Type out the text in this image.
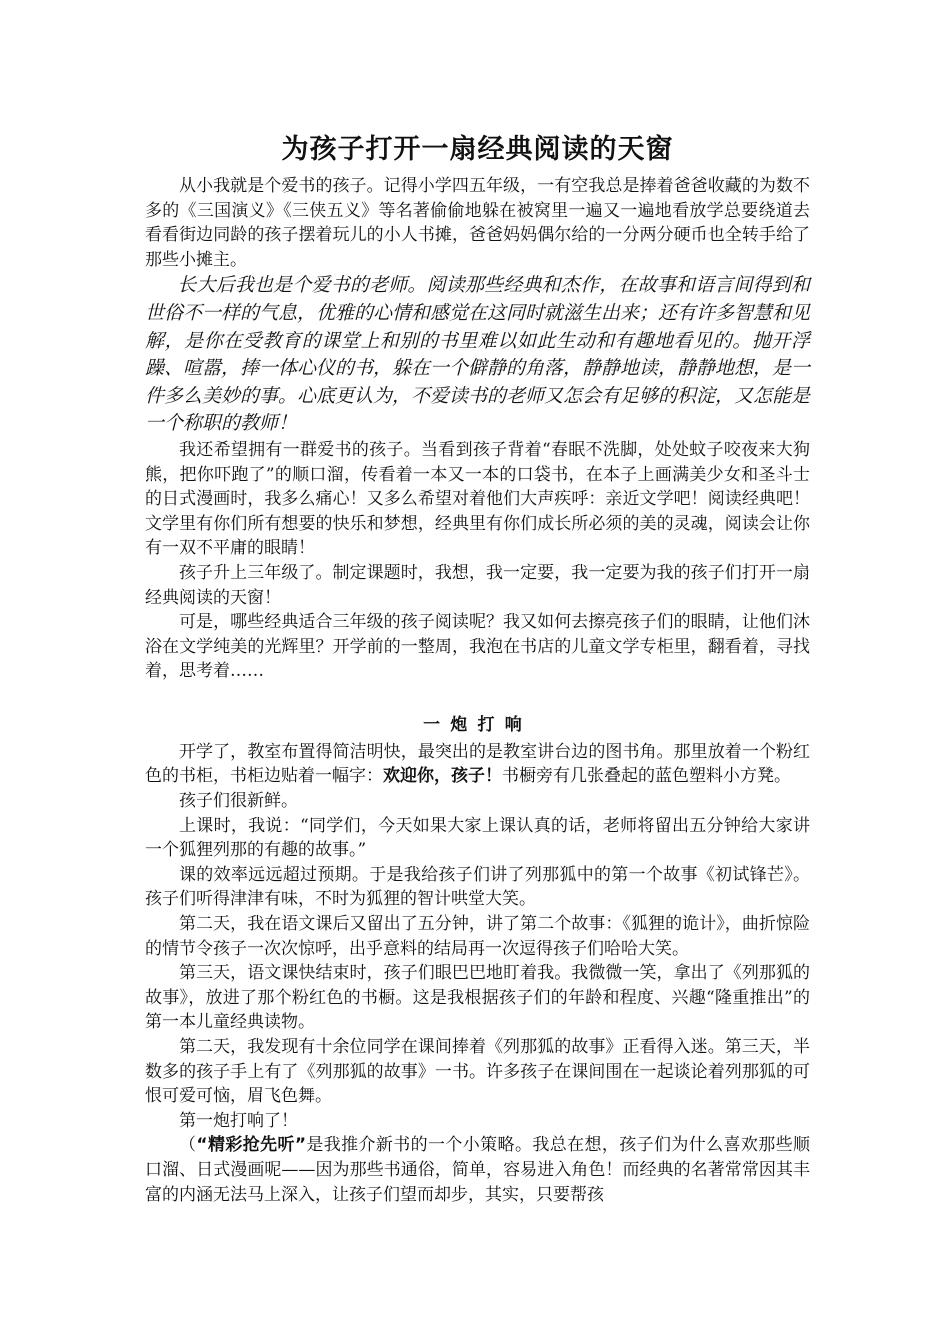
为孩子打开一扇经典阅读的天窗

从小我就是个爱书的孩子。记得小学四五年级，一有空我总是捧着爸爸收藏的为数不多的《三国演义》《三侠五义》等名著偷偷地躲在被窝里一遍又一遍地看放学总要绕道去看看街边同龄的孩子摆着玩儿的小人书摊，爸爸妈妈偶尔给的一分两分硬币也全转手给了那些小摊主。

长大后我也是个爱书的老师。阅读那些经典和杰作，在故事和语言间得到和世俗不一样的气息，优雅的心情和感觉在这同时就滋生出来；还有许多智慧和见解，是你在受教育的课堂上和别的书里难以如此生动和有趣地看见的。抛开浮躁、喧嚣，捧一体心仪的书，躲在一个僻静的角落，静静地读，静静地想，是一件多么美妙的事。心底更认为，不爱读书的老师又怎会有足够的积淀，又怎能是一个称职的教师！

我还希望拥有一群爱书的孩子。当看到孩子背着“春眠不洗脚，处处蚊子咬夜来大狗熊，把你吓跑了”的顺口溜，传看着一本又一本的口袋书，在本子上画满美少女和圣斗士的日式漫画时，我多么痛心！又多么希望对着他们大声疾呼：亲近文学吧！阅读经典吧！文学里有你们所有想要的快乐和梦想，经典里有你们成长所必须的美的灵魂，阅读会让你有一双不平庸的眼睛！

孩子升上三年级了。制定课题时，我想，我一定要，我一定要为我的孩子们打开一扇经典阅读的天窗！

可是，哪些经典适合三年级的孩子阅读呢？我又如何去擦亮孩子们的眼睛，让他们沐浴在文学纯美的光辉里？开学前的一整周，我泡在书店的儿童文学专柜里，翻看着，寻找着，思考着……

一炮打响

开学了，教室布置得简洁明快，最突出的是教室讲台边的图书角。那里放着一个粉红色的书柜，书柜边贴着一幅字：欢迎你，孩子！书橱旁有几张叠起的蓝色塑料小方凳。

孩子们很新鲜。

上课时，我说：“同学们，今天如果大家上课认真的话，老师将留出五分钟给大家讲一个狐狸列那的有趣的故事。”

课的效率远远超过预期。于是我给孩子们讲了列那狐中的第一个故事《初试锋芒》。孩子们听得津津有味，不时为狐狸的智计哄堂大笑。

第二天，我在语文课后又留出了五分钟，讲了第二个故事：《狐狸的诡计》，曲折惊险的情节令孩子一次次惊呼，出乎意料的结局再一次逗得孩子们哈哈大笑。

第三天，语文课快结束时，孩子们眼巴巴地盯着我。我微微一笑，拿出了《列那狐的故事》，放进了那个粉红色的书橱。这是我根据孩子们的年龄和程度、兴趣“隆重推出”的第一本儿童经典读物。

第二天，我发现有十余位同学在课间捧着《列那狐的故事》正看得入迷。第三天，半数多的孩子手上有了《列那狐的故事》一书。许多孩子在课间围在一起谈论着列那狐的可恨可爱可恼，眉飞色舞。

第一炮打响了！

（“精彩抢先听”是我推介新书的一个小策略。我总在想，孩子们为什么喜欢那些顺口溜、日式漫画呢——因为那些书通俗，简单，容易进入角色！而经典的名著常常因其丰富的内涵无法马上深入，让孩子们望而却步，其实，只要帮孩
